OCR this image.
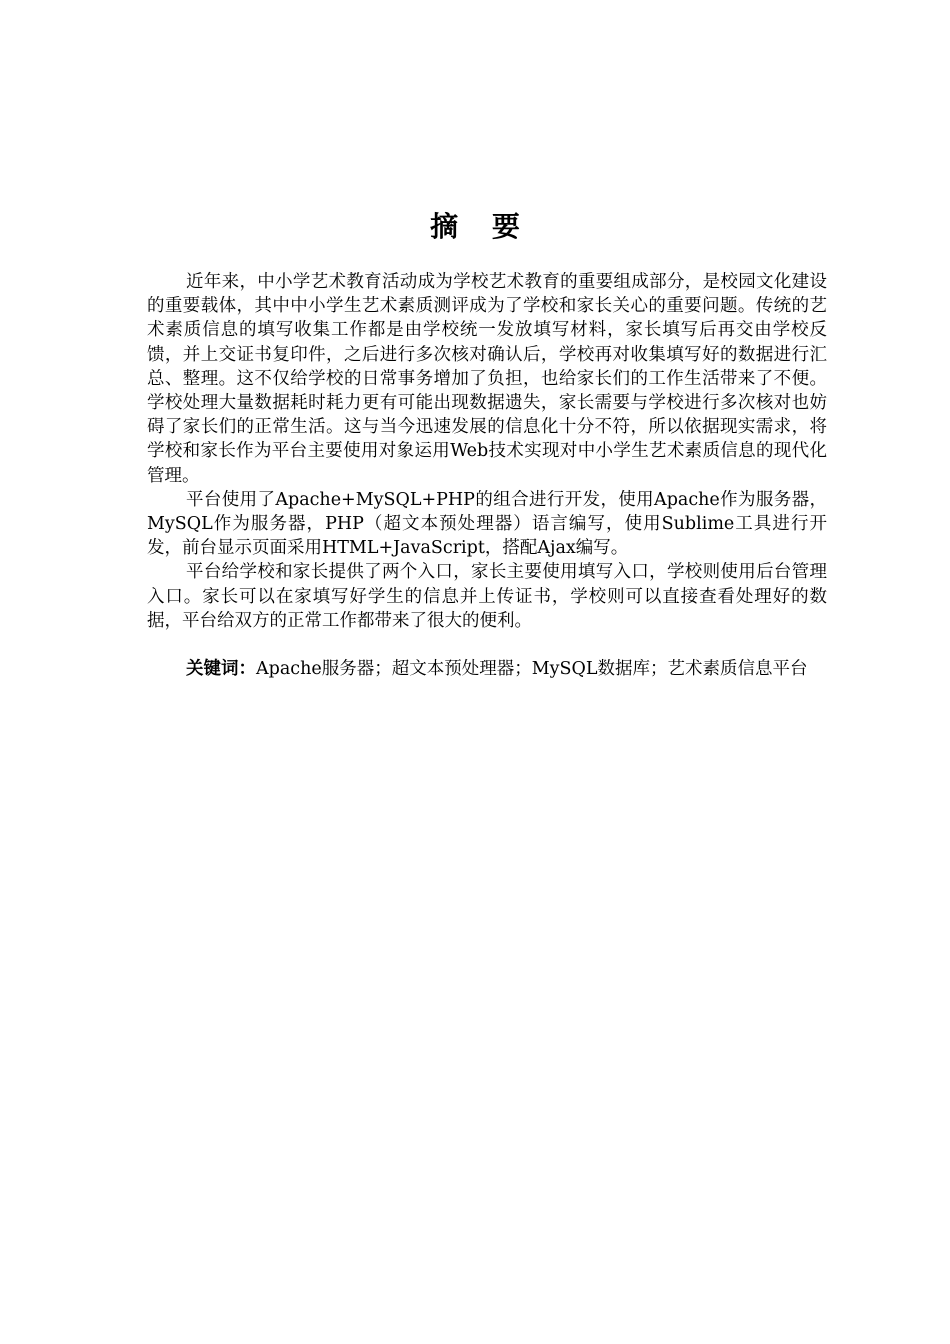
摘 要

近年来，中小学艺术教育活动成为学校艺术教育的重要组成部分，是校园文化建设的重要载体，其中中小学生艺术素质测评成为了学校和家长关心的重要问题。传统的艺术素质信息的填写收集工作都是由学校统一发放填写材料，家长填写后再交由学校反馈，并上交证书复印件，之后进行多次核对确认后，学校再对收集填写好的数据进行汇总、整理。这不仅给学校的日常事务增加了负担，也给家长们的工作生活带来了不便。学校处理大量数据耗时耗力更有可能出现数据遗失，家长需要与学校进行多次核对也妨碍了家长们的正常生活。这与当今迅速发展的信息化十分不符，所以依据现实需求，将学校和家长作为平台主要使用对象运用Web技术实现对中小学生艺术素质信息的现代化管理。

平台使用了Apache+MySQL+PHP的组合进行开发，使用Apache作为服务器，MySQL作为服务器，PHP（超文本预处理器）语言编写，使用Sublime工具进行开发，前台显示页面采用HTML+JavaScript，搭配Ajax编写。

平台给学校和家长提供了两个入口，家长主要使用填写入口，学校则使用后台管理入口。家长可以在家填写好学生的信息并上传证书，学校则可以直接查看处理好的数据，平台给双方的正常工作都带来了很大的便利。

关键词：Apache服务器；超文本预处理器；MySQL数据库；艺术素质信息平台
